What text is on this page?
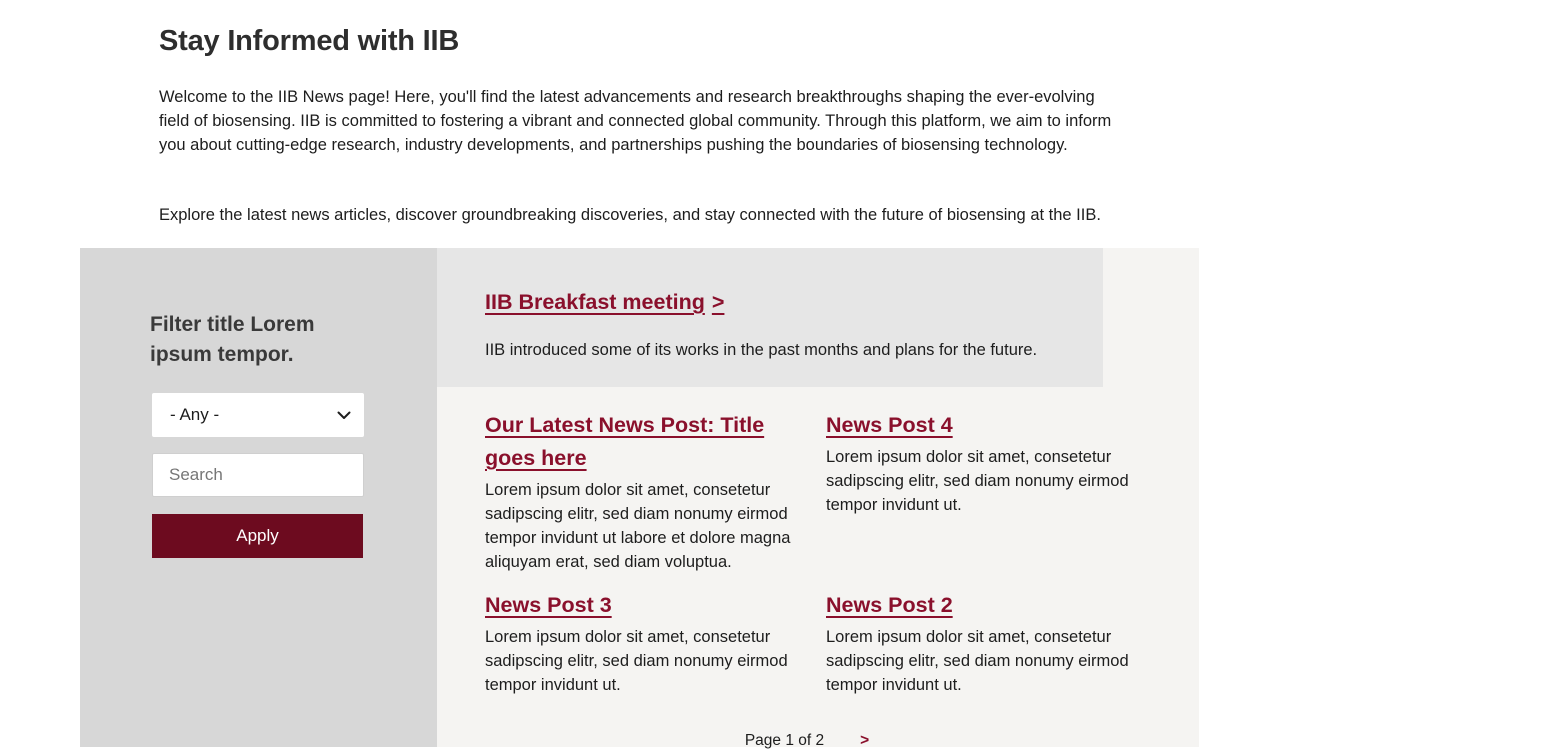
Stay Informed with IIB

Welcome to the IIB News page! Here, you'll find the latest advancements and research breakthroughs shaping the ever-evolving field of biosensing. IIB is committed to fostering a vibrant and connected global community. Through this platform, we aim to inform you about cutting-edge research, industry developments, and partnerships pushing the boundaries of biosensing technology.

Explore the latest news articles, discover groundbreaking discoveries, and stay connected with the future of biosensing at the IIB.

Filter title Lorem ipsum tempor.
- Any -
Search
Apply
IIB Breakfast meeting >

IIB introduced some of its works in the past months and plans for the future.

Our Latest News Post: Title goes here

Lorem ipsum dolor sit amet, consetetur sadipscing elitr, sed diam nonumy eirmod tempor invidunt ut labore et dolore magna aliquyam erat, sed diam voluptua.

News Post 4

Lorem ipsum dolor sit amet, consetetur sadipscing elitr, sed diam nonumy eirmod tempor invidunt ut.

News Post 3

Lorem ipsum dolor sit amet, consetetur sadipscing elitr, sed diam nonumy eirmod tempor invidunt ut.

News Post 2

Lorem ipsum dolor sit amet, consetetur sadipscing elitr, sed diam nonumy eirmod tempor invidunt ut.

Page 1 of 2 >
